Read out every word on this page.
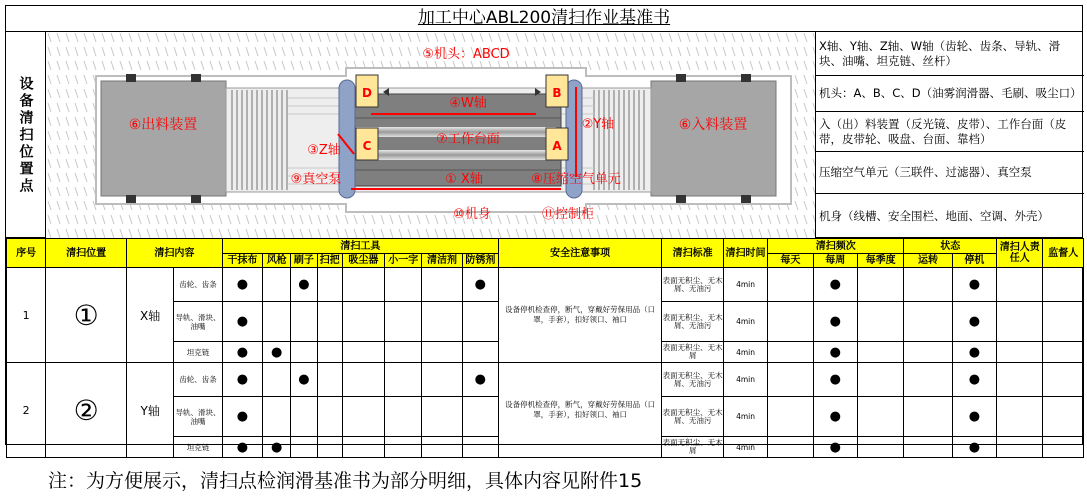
加工中心ABL200清扫作业基准书
设备清扫位置点
⑤机头：ABCD
⑥出料装置	⑥入料装置
④W轴
②Y轴
③Z轴
⑦工作台面
⑨真空泵	① X轴	⑧压缩空气单元
⑩机身	⑪控制柜
D
C
B
A
X轴、Y轴、Z轴、W轴（齿轮、齿条、导轨、滑块、油嘴、坦克链、丝杆）
机头：A、B、C、D（油雾润滑器、毛刷、吸尘口）
入（出）料装置（反光镜、皮带）、工作台面（皮带，皮带轮、吸盘、台面、靠档）
压缩空气单元（三联件、过滤器）、真空泵
机身（线槽、安全围栏、地面、空调、外壳）
序号	清扫位置	清扫内容		清扫工具								安全注意事项	清扫标准	清扫时间	清扫频次			状态		清扫人责任人	监督人
				干抹布	风枪	刷子	扫把	吸尘器	小一字	清洁剂	防锈剂				每天	每周	每季度	运转	停机		
1	①	X轴	齿轮、齿条	●		●					●	设备停机检查停，断气，穿戴好劳保用品（口罩，手套），扣好领口、袖口	表面无积尘、无木屑、无油污	4min		●			●		
			导轨、滑块、油嘴	●									表面无积尘、无木屑、无油污	4min		●			●		
			坦克链	●	●								表面无积尘、无木屑	4min		●			●		
2	②	Y轴	齿轮、齿条	●		●					●	设备停机检查停，断气，穿戴好劳保用品（口罩，手套），扣好领口、袖口	表面无积尘、无木屑、无油污	4min		●			●		
			导轨、滑块、油嘴	●									表面无积尘、无木屑、无油污	4min		●			●		
			坦克链	●	●								表面无积尘、无木屑	4min		●			●		
注：为方便展示，清扫点检润滑基准书为部分明细，具体内容见附件15
